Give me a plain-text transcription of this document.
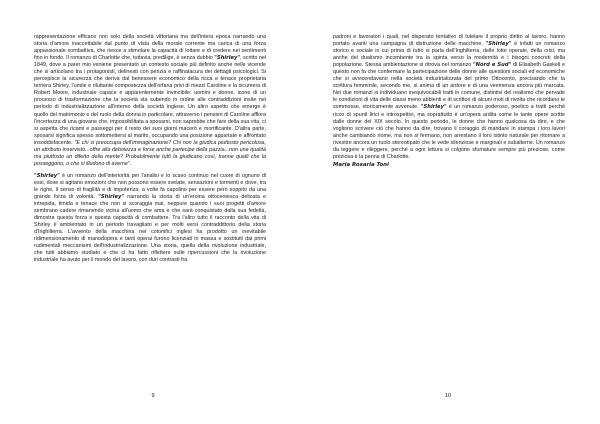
rappresentazione efficace non solo della società vittoriana ma dell'intera epoca narrando una storia d'amore inaccettabile dal punto di vista della morale corrente ma carica di una forza appassionate combattiva, che riesce a stimolare la capacità di lottare e di credere nei sentimenti fino in fondo. Il romanzo di Charlotte che, tuttavia, predilige, è senza dubbio "Shirley", scritto nel 1849, dove a parer mio veniene presentato un contesto sociale più definito anche nelle vicende che si articolano tra i protagonisti, delineati con perizia e raffinatacura dei dettagli psicologici. Si percepisce la sicurezza che deriva dal benessere economico della ricca e tenace proprietaria terriera Shirley, l'umile e riluttante compostezza dell'orfana privi di mezzi Caroline e la sicumera di Robert Moore, industriale capace e apparentemente invincibile: uomini e donne, icone di un processo di trasformazione che la società sta subendo in ordine alle contraddizioni insite nel periodo di industrializzazione all'interno della società inglese. Un altro aspetto che emerge è quello del matrimonio e del ruolo della donna in particolare, attraverso i pensieri di Caroline afflora l'incertezza di una giovane che, impossibilitata a sposarsi, non saprebbe che fare della sua vita, ci si aspetta che ricami e passeggi per il resto dei suoi giorni macerò e mortificante. D'altra parte, sposarsi significa spesso sottomettersi al marito, occupando una posizione appartate e affrontato insoddisfacente. "E chi si preoccupa dell'immaginazione? Chi non la giudica piuttosto pericolosa, un attributo inservisto...offre alla debolezza e forse anche partecipe della pazzia...non una qualità ma piuttosto un difetto della mente? Probabilmente tutti la giudicano così, tranne quelli che la posseggono, o che si illudono di averne".

"Shirley" è un romanzo dell'interiorità per l'analisi e lo scavo continuo nel cuore di ognuno di essi, dove si agitano emozioni che non possono essere svelate, sensazioni e tormenti e dove, tra le righe, il senso di fragilità e di impotenza, a volte fa capolino per essere però soppito da una grande forza di volontà. "Shirley" narrando la storia di un'eroina ottocentesca delicata e intrepida, timida e tenace che non si scoraggia mai, neppure quando i suoi progetti d'amore sembrano cadere rimanendo vicina all'uomo che ama e che sarà conquistato dalla sua fedeltà, dimostra questa forza e questa capacità di combattere. Tra l'altro tutto il racconto della vita di Shirley è ambientato in un periodo travagliato e per molti versi contraddittorio della storia d'Inghilterra. L'avvento della macchina nei cotonifici inglesi ha prodotto un inevitabile ridimensionamento di manodopera e tanti operai furono licenziati in massa e sostituiti dai primi rudimentali meccanismi dell'industrializzazione. Una storia, quella della rivoluzione industriale, che tutti abbiamo studiato e che ci ha fatto riflettere sulle ripercussioni che la rivoluzione industriale ha avuto per il mondo del lavoro, con duri contrasti fra

9

padroni e lavoratori i quali, nel disperato tentativo di tutelare il proprio diritto al lavoro, hanno portato avanti una campagna di distruzione delle macchine. "Shirley" è infatti un romanzo storico e sociale in cui prima di tutto si parla dell'Inghilterra, delle lotte operaie, della crisi, ma anche del dualismo incombente tra la spinta verso la modernità e i bisogni concreti della popolazione. Stessa ambientazione si ritrova nel romanzo "Nord e Sud" di Elisabeth Gaskell e questo non fa che confermare la partecipazione delle donne alle questioni sociali ed economiche che si avvicendavano nella società industrializzata del primo Ottocento, precisando che la scrittura femminile, secondo me, si anima di un ardore e di una veemenza ancora più marcata. Nei due romanzi si individuano inequivocabili tratti in comune, distintivi del realismo che pervade le condizioni di vita delle classi meno abbienti e di scrittori di alcuni moti di rivolta che ricordano le sommosse, storicamente avvenute. "Shirley" è un romanzo poderoso, poetico a tratti perché ricco di spunti lirici e introspettivi, ma soprattutto è un'opera ardita come le tante opere scritte dalle donne del XIX secolo. In questo periodo, le donne che hanno qualcosa da dire, e che vogliono scrivere ciò che hanno da dire, trovano il coraggio di mandare in stampa i loro lavori anche cambiando nome, ma non si fermano, non arrestano il loro istinto naturale per ritornare a rivestire ancora un ruolo stereotipato che le vede silenziose e marginali e subalterne. Un romanzo da leggere e rileggere, perché a ogni lettura si colgono sfumature sempre più preziose, come preziosa è la penna di Charlotte.

Maria Rosaria Toni

10
